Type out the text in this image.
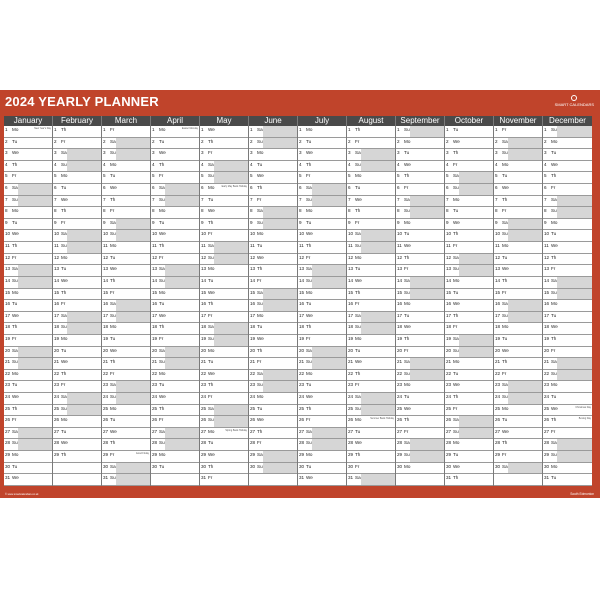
2024 YEARLY PLANNER	SMART CALENDARS
January
1 Mo	New Year's Day
2 Tu
3 We
4 Th
5 Fr
6 Sa
7 Su
8 Mo
9 Tu
10 We
11 Th
12 Fr
13 Sa
14 Su
15 Mo
16 Tu
17 We
18 Th
19 Fr
20 Sa
21 Su
22 Mo
23 Tu
24 We
25 Th
26 Fr
27 Sa
28 Su
29 Mo
30 Tu
31 We
February
1 Th
2 Fr
3 Sa
4 Su
5 Mo
6 Tu
7 We
8 Th
9 Fr
10 Sa
11 Su
12 Mo
13 Tu
14 We
15 Th
16 Fr
17 Sa
18 Su
19 Mo
20 Tu
21 We
22 Th
23 Fr
24 Sa
25 Su
26 Mo
27 Tu
28 We
29 Th
March
1 Fr
2 Sa
3 Su
4 Mo
5 Tu
6 We
7 Th
8 Fr
9 Sa
10 Su
11 Mo
12 Tu
13 We
14 Th
15 Fr
16 Sa
17 Su
18 Mo
19 Tu
20 We
21 Th
22 Fr
23 Sa
24 Su
25 Mo
26 Tu
27 We
28 Th
29 Fr	Good Friday
30 Sa
31 Su
April
1 Mo	Easter Monday
2 Tu
3 We
4 Th
5 Fr
6 Sa
7 Su
8 Mo
9 Tu
10 We
11 Th
12 Fr
13 Sa
14 Su
15 Mo
16 Tu
17 We
18 Th
19 Fr
20 Sa
21 Su
22 Mo
23 Tu
24 We
25 Th
26 Fr
27 Sa
28 Su
29 Mo
30 Tu
May
1 We
2 Th
3 Fr
4 Sa
5 Su
6 Mo	Early May Bank Holiday
7 Tu
8 We
9 Th
10 Fr
11 Sa
12 Su
13 Mo
14 Tu
15 We
16 Th
17 Fr
18 Sa
19 Su
20 Mo
21 Tu
22 We
23 Th
24 Fr
25 Sa
26 Su
27 Mo	Spring Bank Holiday
28 Tu
29 We
30 Th
31 Fr
June
1 Sa
2 Su
3 Mo
4 Tu
5 We
6 Th
7 Fr
8 Sa
9 Su
10 Mo
11 Tu
12 We
13 Th
14 Fr
15 Sa
16 Su
17 Mo
18 Tu
19 We
20 Th
21 Fr
22 Sa
23 Su
24 Mo
25 Tu
26 We
27 Th
28 Fr
29 Sa
30 Su
July
1 Mo
2 Tu
3 We
4 Th
5 Fr
6 Sa
7 Su
8 Mo
9 Tu
10 We
11 Th
12 Fr
13 Sa
14 Su
15 Mo
16 Tu
17 We
18 Th
19 Fr
20 Sa
21 Su
22 Mo
23 Tu
24 We
25 Th
26 Fr
27 Sa
28 Su
29 Mo
30 Tu
31 We
August
1 Th
2 Fr
3 Sa
4 Su
5 Mo
6 Tu
7 We
8 Th
9 Fr
10 Sa
11 Su
12 Mo
13 Tu
14 We
15 Th
16 Fr
17 Sa
18 Su
19 Mo
20 Tu
21 We
22 Th
23 Fr
24 Sa
25 Su
26 Mo	Summer Bank Holiday
27 Tu
28 We
29 Th
30 Fr
31 Sa
September
1 Su
2 Mo
3 Tu
4 We
5 Th
6 Fr
7 Sa
8 Su
9 Mo
10 Tu
11 We
12 Th
13 Fr
14 Sa
15 Su
16 Mo
17 Tu
18 We
19 Th
20 Fr
21 Sa
22 Su
23 Mo
24 Tu
25 We
26 Th
27 Fr
28 Sa
29 Su
30 Mo
October
1 Tu
2 We
3 Th
4 Fr
5 Sa
6 Su
7 Mo
8 Tu
9 We
10 Th
11 Fr
12 Sa
13 Su
14 Mo
15 Tu
16 We
17 Th
18 Fr
19 Sa
20 Su
21 Mo
22 Tu
23 We
24 Th
25 Fr
26 Sa
27 Su
28 Mo
29 Tu
30 We
31 Th
November
1 Fr
2 Sa
3 Su
4 Mo
5 Tu
6 We
7 Th
8 Fr
9 Sa
10 Su
11 Mo
12 Tu
13 We
14 Th
15 Fr
16 Sa
17 Su
18 Mo
19 Tu
20 We
21 Th
22 Fr
23 Sa
24 Su
25 Mo
26 Tu
27 We
28 Th
29 Fr
30 Sa
December
1 Su
2 Mo
3 Tu
4 We
5 Th
6 Fr
7 Sa
8 Su
9 Mo
10 Tu
11 We
12 Th
13 Fr
14 Sa
15 Su
16 Mo
17 Tu
18 We
19 Th
20 Fr
21 Sa
22 Su
23 Mo
24 Tu
25 We	Christmas Day
26 Th	Boxing Day
27 Fr
28 Sa
29 Su
30 Mo
31 Tu
© www.smartcalendars.co.uk	South Edmonton
